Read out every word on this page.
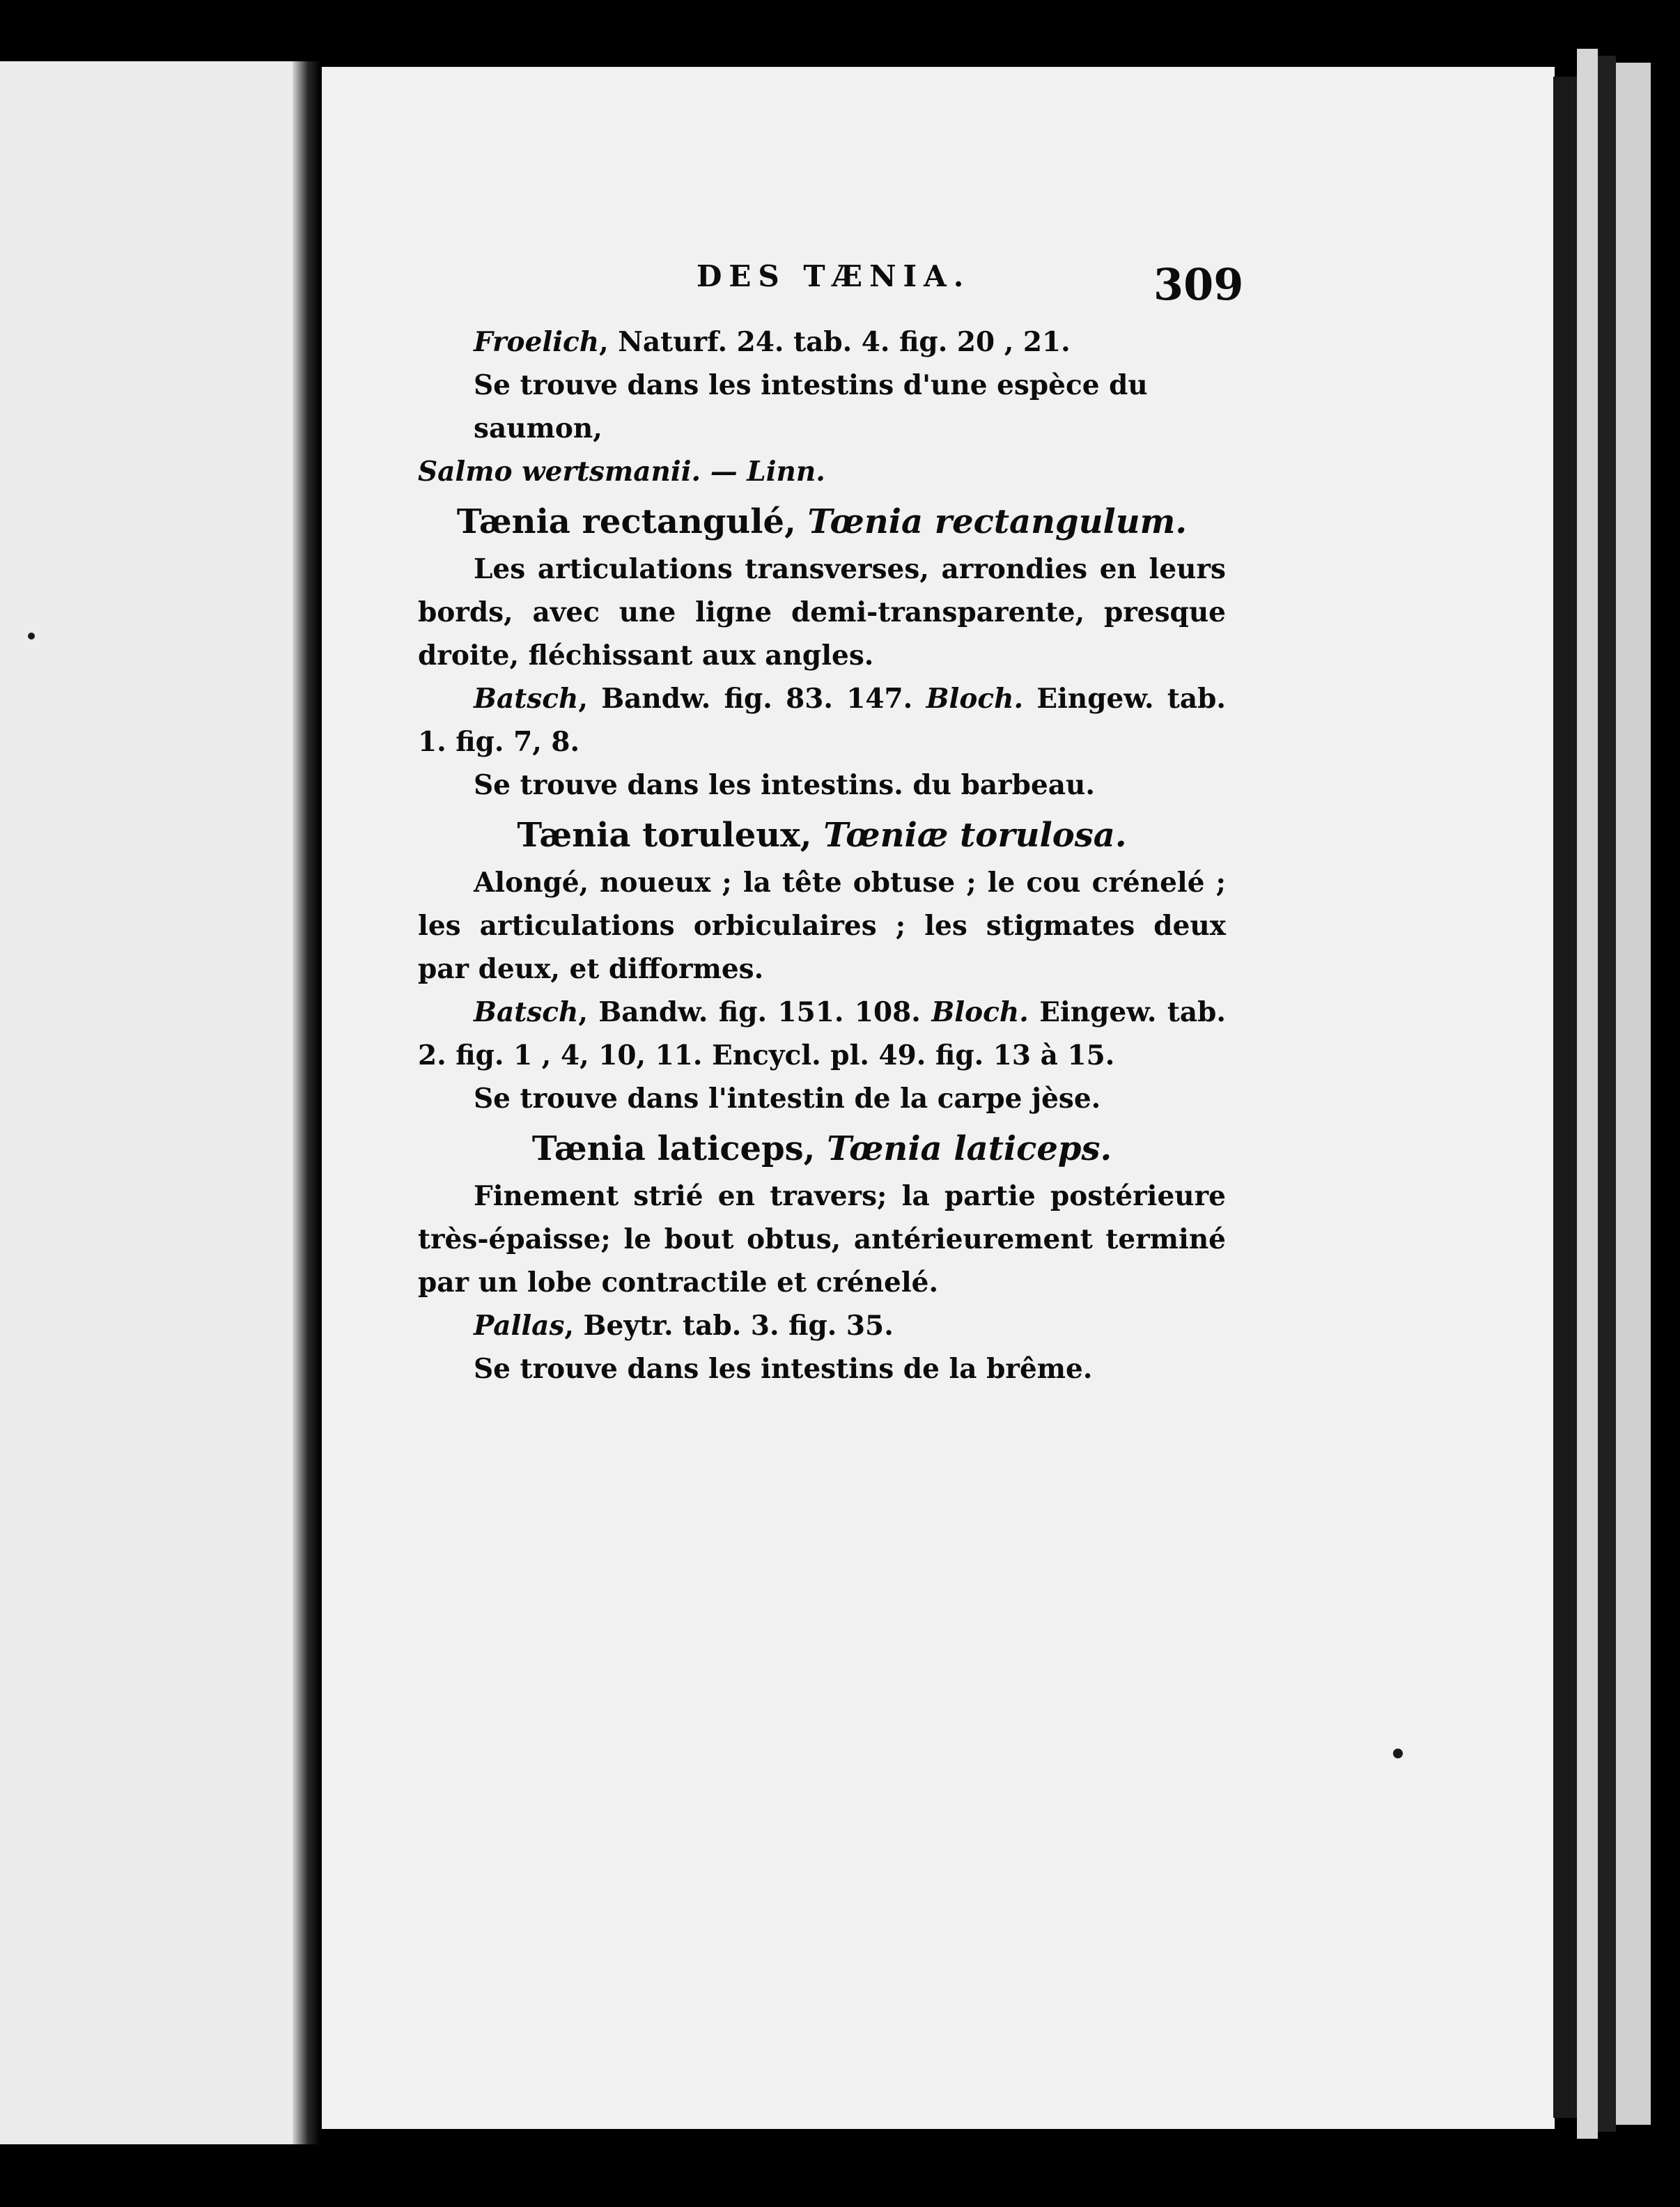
DES TÆNIA.	309

Froelich, Naturf. 24. tab. 4. fig. 20 , 21.

Se trouve dans les intestins d'une espèce du saumon,

Salmo wertsmanii. — Linn.

Tænia rectangulé, Tœnia rectangulum.

Les articulations transverses, arrondies en leurs bords, avec une ligne demi-transparente, presque droite, fléchissant aux angles.

Batsch, Bandw. fig. 83. 147. Bloch. Eingew. tab. 1. fig. 7, 8.

Se trouve dans les intestins. du barbeau.

Tænia toruleux, Tœniæ torulosa.

Alongé, noueux ; la tête obtuse ; le cou crénelé ; les articulations orbiculaires ; les stigmates deux par deux, et difformes.

Batsch, Bandw. fig. 151. 108. Bloch. Eingew. tab. 2. fig. 1 , 4, 10, 11. Encycl. pl. 49. fig. 13 à 15.

Se trouve dans l'intestin de la carpe jèse.

Tænia laticeps, Tœnia laticeps.

Finement strié en travers; la partie postérieure très-épaisse; le bout obtus, antérieurement terminé par un lobe contractile et crénelé.

Pallas, Beytr. tab. 3. fig. 35.

Se trouve dans les intestins de la brême.
